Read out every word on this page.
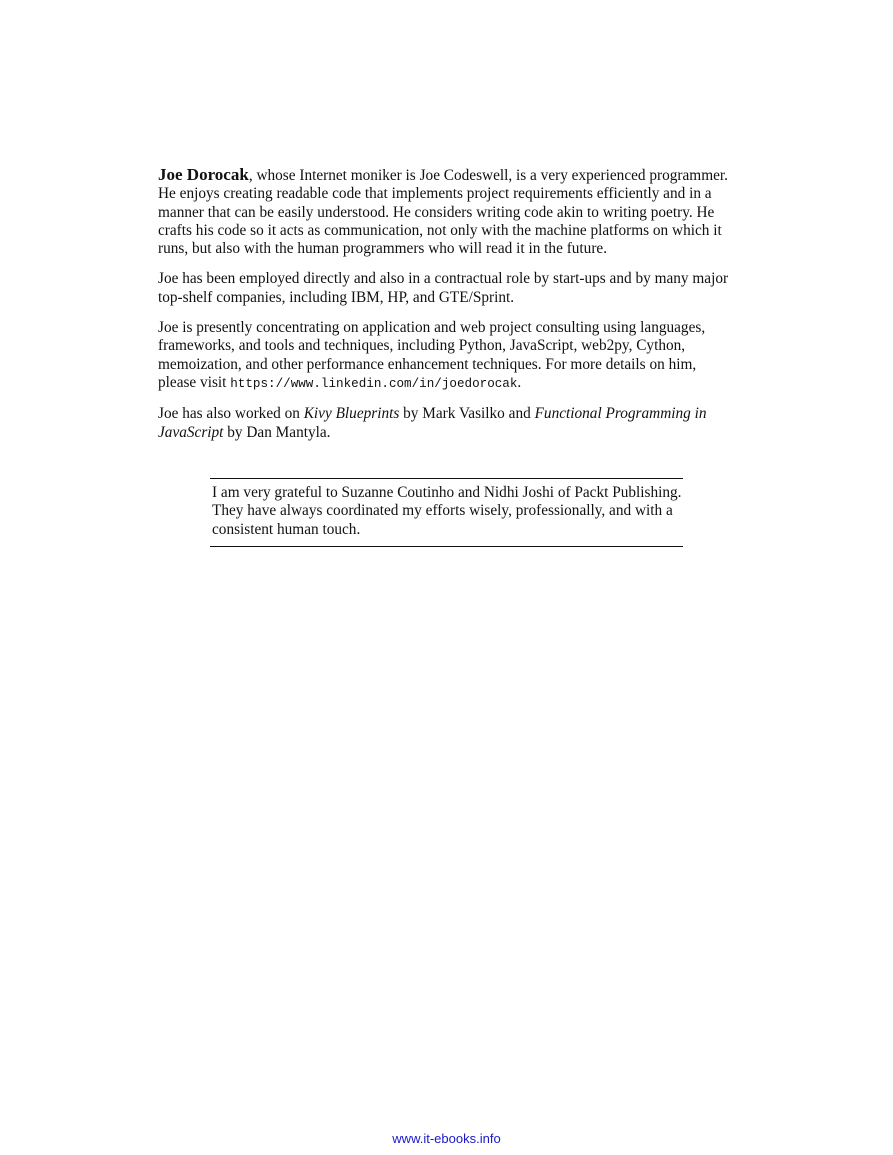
Joe Dorocak, whose Internet moniker is Joe Codeswell, is a very experienced programmer. He enjoys creating readable code that implements project requirements efficiently and in a manner that can be easily understood. He considers writing code akin to writing poetry. He crafts his code so it acts as communication, not only with the machine platforms on which it runs, but also with the human programmers who will read it in the future.

Joe has been employed directly and also in a contractual role by start-ups and by many major top-shelf companies, including IBM, HP, and GTE/Sprint.

Joe is presently concentrating on application and web project consulting using languages, frameworks, and tools and techniques, including Python, JavaScript, web2py, Cython, memoization, and other performance enhancement techniques. For more details on him, please visit https://www.linkedin.com/in/joedorocak.

Joe has also worked on Kivy Blueprints by Mark Vasilko and Functional Programming in JavaScript by Dan Mantyla.

I am very grateful to Suzanne Coutinho and Nidhi Joshi of Packt Publishing. They have always coordinated my efforts wisely, professionally, and with a consistent human touch.
www.it-ebooks.info
